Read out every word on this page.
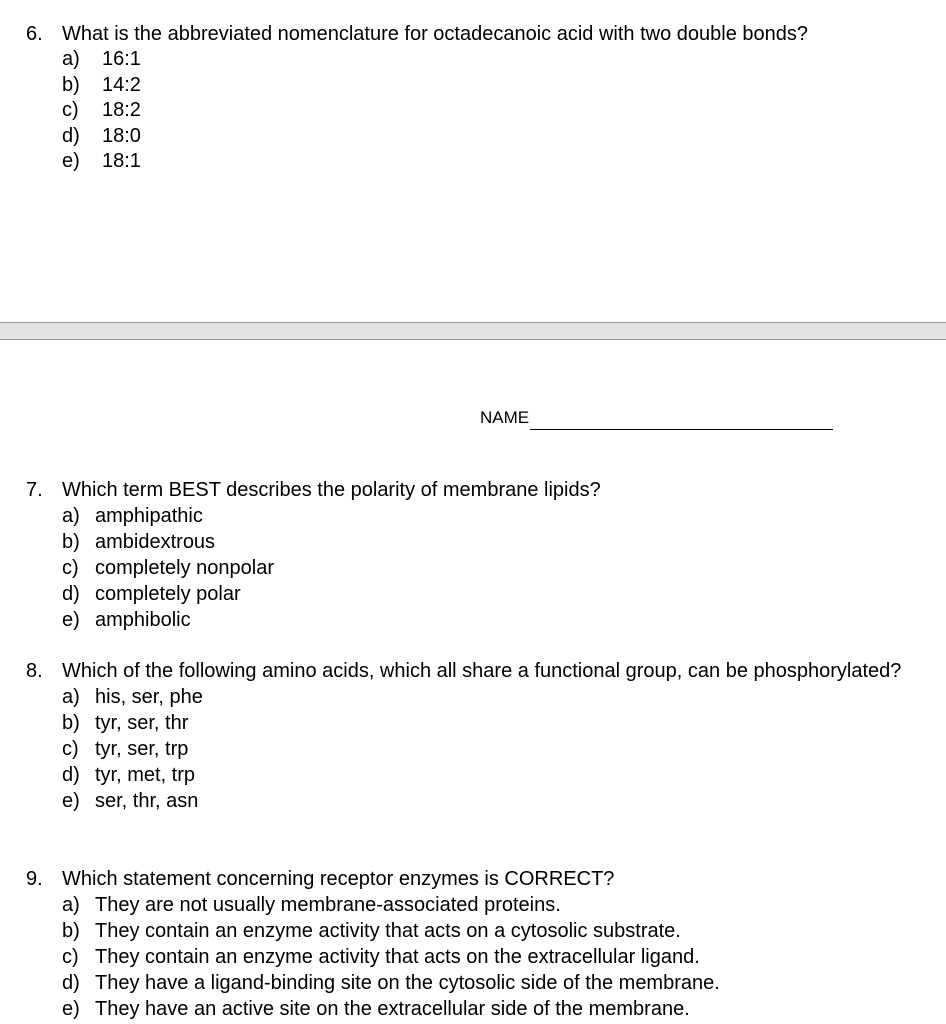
6. What is the abbreviated nomenclature for octadecanoic acid with two double bonds?
a)	16:1
b)	14:2
c)	18:2
d)	18:0
e)	18:1
NAME
7. Which term BEST describes the polarity of membrane lipids?
a) amphipathic
b) ambidextrous
c) completely nonpolar
d) completely polar
e) amphibolic
8. Which of the following amino acids, which all share a functional group, can be phosphorylated?
a) his, ser, phe
b) tyr, ser, thr
c) tyr, ser, trp
d) tyr, met, trp
e) ser, thr, asn
9. Which statement concerning receptor enzymes is CORRECT?
a) They are not usually membrane-associated proteins.
b) They contain an enzyme activity that acts on a cytosolic substrate.
c) They contain an enzyme activity that acts on the extracellular ligand.
d) They have a ligand-binding site on the cytosolic side of the membrane.
e) They have an active site on the extracellular side of the membrane.
